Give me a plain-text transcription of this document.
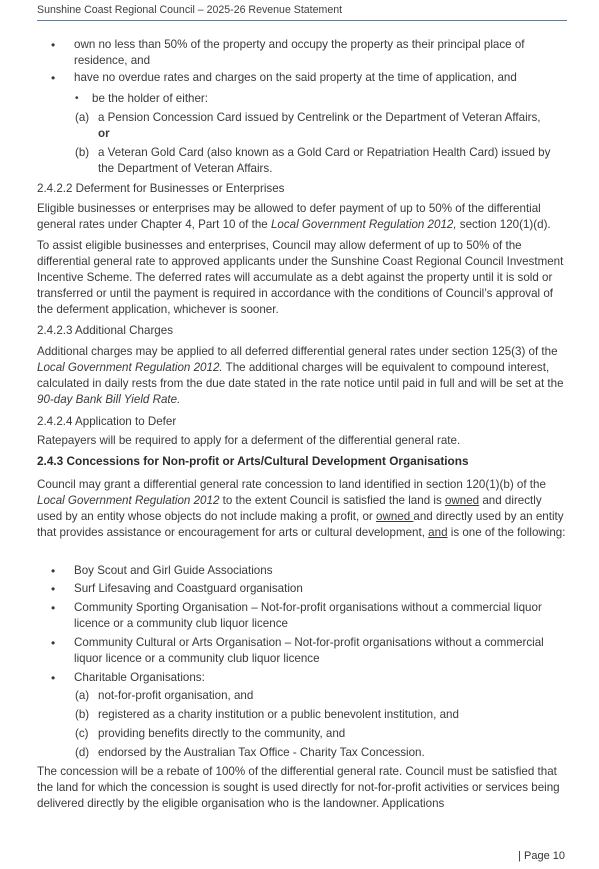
Sunshine Coast Regional Council – 2025-26 Revenue Statement
• own no less than 50% of the property and occupy the property as their principal place of residence, and
• have no overdue rates and charges on the said property at the time of application, and
• be the holder of either:
(a) a Pension Concession Card issued by Centrelink or the Department of Veteran Affairs,
or
(b) a Veteran Gold Card (also known as a Gold Card or Repatriation Health Card) issued by the Department of Veteran Affairs.
2.4.2.2 Deferment for Businesses or Enterprises
Eligible businesses or enterprises may be allowed to defer payment of up to 50% of the differential general rates under Chapter 4, Part 10 of the Local Government Regulation 2012, section 120(1)(d).
To assist eligible businesses and enterprises, Council may allow deferment of up to 50% of the differential general rate to approved applicants under the Sunshine Coast Regional Council Investment Incentive Scheme. The deferred rates will accumulate as a debt against the property until it is sold or transferred or until the payment is required in accordance with the conditions of Council’s approval of the deferment application, whichever is sooner.
2.4.2.3 Additional Charges
Additional charges may be applied to all deferred differential general rates under section 125(3) of the Local Government Regulation 2012. The additional charges will be equivalent to compound interest, calculated in daily rests from the due date stated in the rate notice until paid in full and will be set at the 90-day Bank Bill Yield Rate.
2.4.2.4 Application to Defer
Ratepayers will be required to apply for a deferment of the differential general rate.
2.4.3 Concessions for Non-profit or Arts/Cultural Development Organisations
Council may grant a differential general rate concession to land identified in section 120(1)(b) of the Local Government Regulation 2012 to the extent Council is satisfied the land is owned and directly used by an entity whose objects do not include making a profit, or owned and directly used by an entity that provides assistance or encouragement for arts or cultural development, and is one of the following:
• Boy Scout and Girl Guide Associations
• Surf Lifesaving and Coastguard organisation
• Community Sporting Organisation – Not-for-profit organisations without a commercial liquor licence or a community club liquor licence
• Community Cultural or Arts Organisation – Not-for-profit organisations without a commercial liquor licence or a community club liquor licence
• Charitable Organisations:
(a) not-for-profit organisation, and
(b) registered as a charity institution or a public benevolent institution, and
(c) providing benefits directly to the community, and
(d) endorsed by the Australian Tax Office - Charity Tax Concession.
The concession will be a rebate of 100% of the differential general rate. Council must be satisfied that the land for which the concession is sought is used directly for not-for-profit activities or services being delivered directly by the eligible organisation who is the landowner. Applications
| Page 10
